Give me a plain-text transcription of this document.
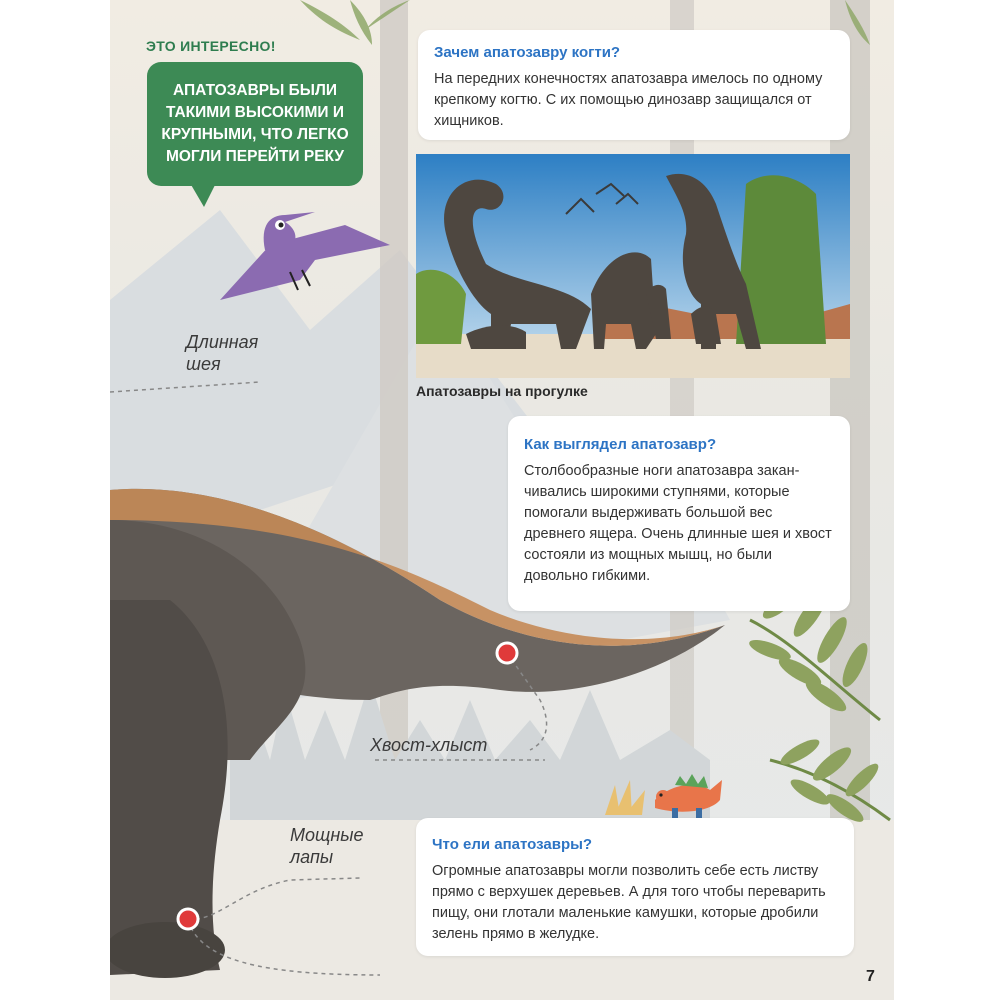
ЭТО ИНТЕРЕСНО!
АПАТОЗАВРЫ БЫЛИ ТАКИМИ ВЫСОКИМИ И КРУПНЫМИ, ЧТО ЛЕГКО МОГЛИ ПЕРЕЙТИ РЕКУ
Зачем апатозавру когти?

На передних конечностях апатозавра имелось по одному крепкому когтю. С их помощью динозавр защищался от хищников.

Апатозавры на прогулке
Как выглядел апатозавр?

Столбообразные ноги апатозавра заканчивались широкими ступнями, которые помогали выдерживать большой вес древнего ящера. Очень длинные шея и хвост состояли из мощных мышц, но были довольно гибкими.

Что ели апатозавры?

Огромные апатозавры могли позволить себе есть листву прямо с верхушек деревьев. А для того чтобы переварить пищу, они глотали маленькие камушки, которые дробили зелень прямо в желудке.

Длинная
шея
Хвост-хлыст
Мощные
лапы
7
